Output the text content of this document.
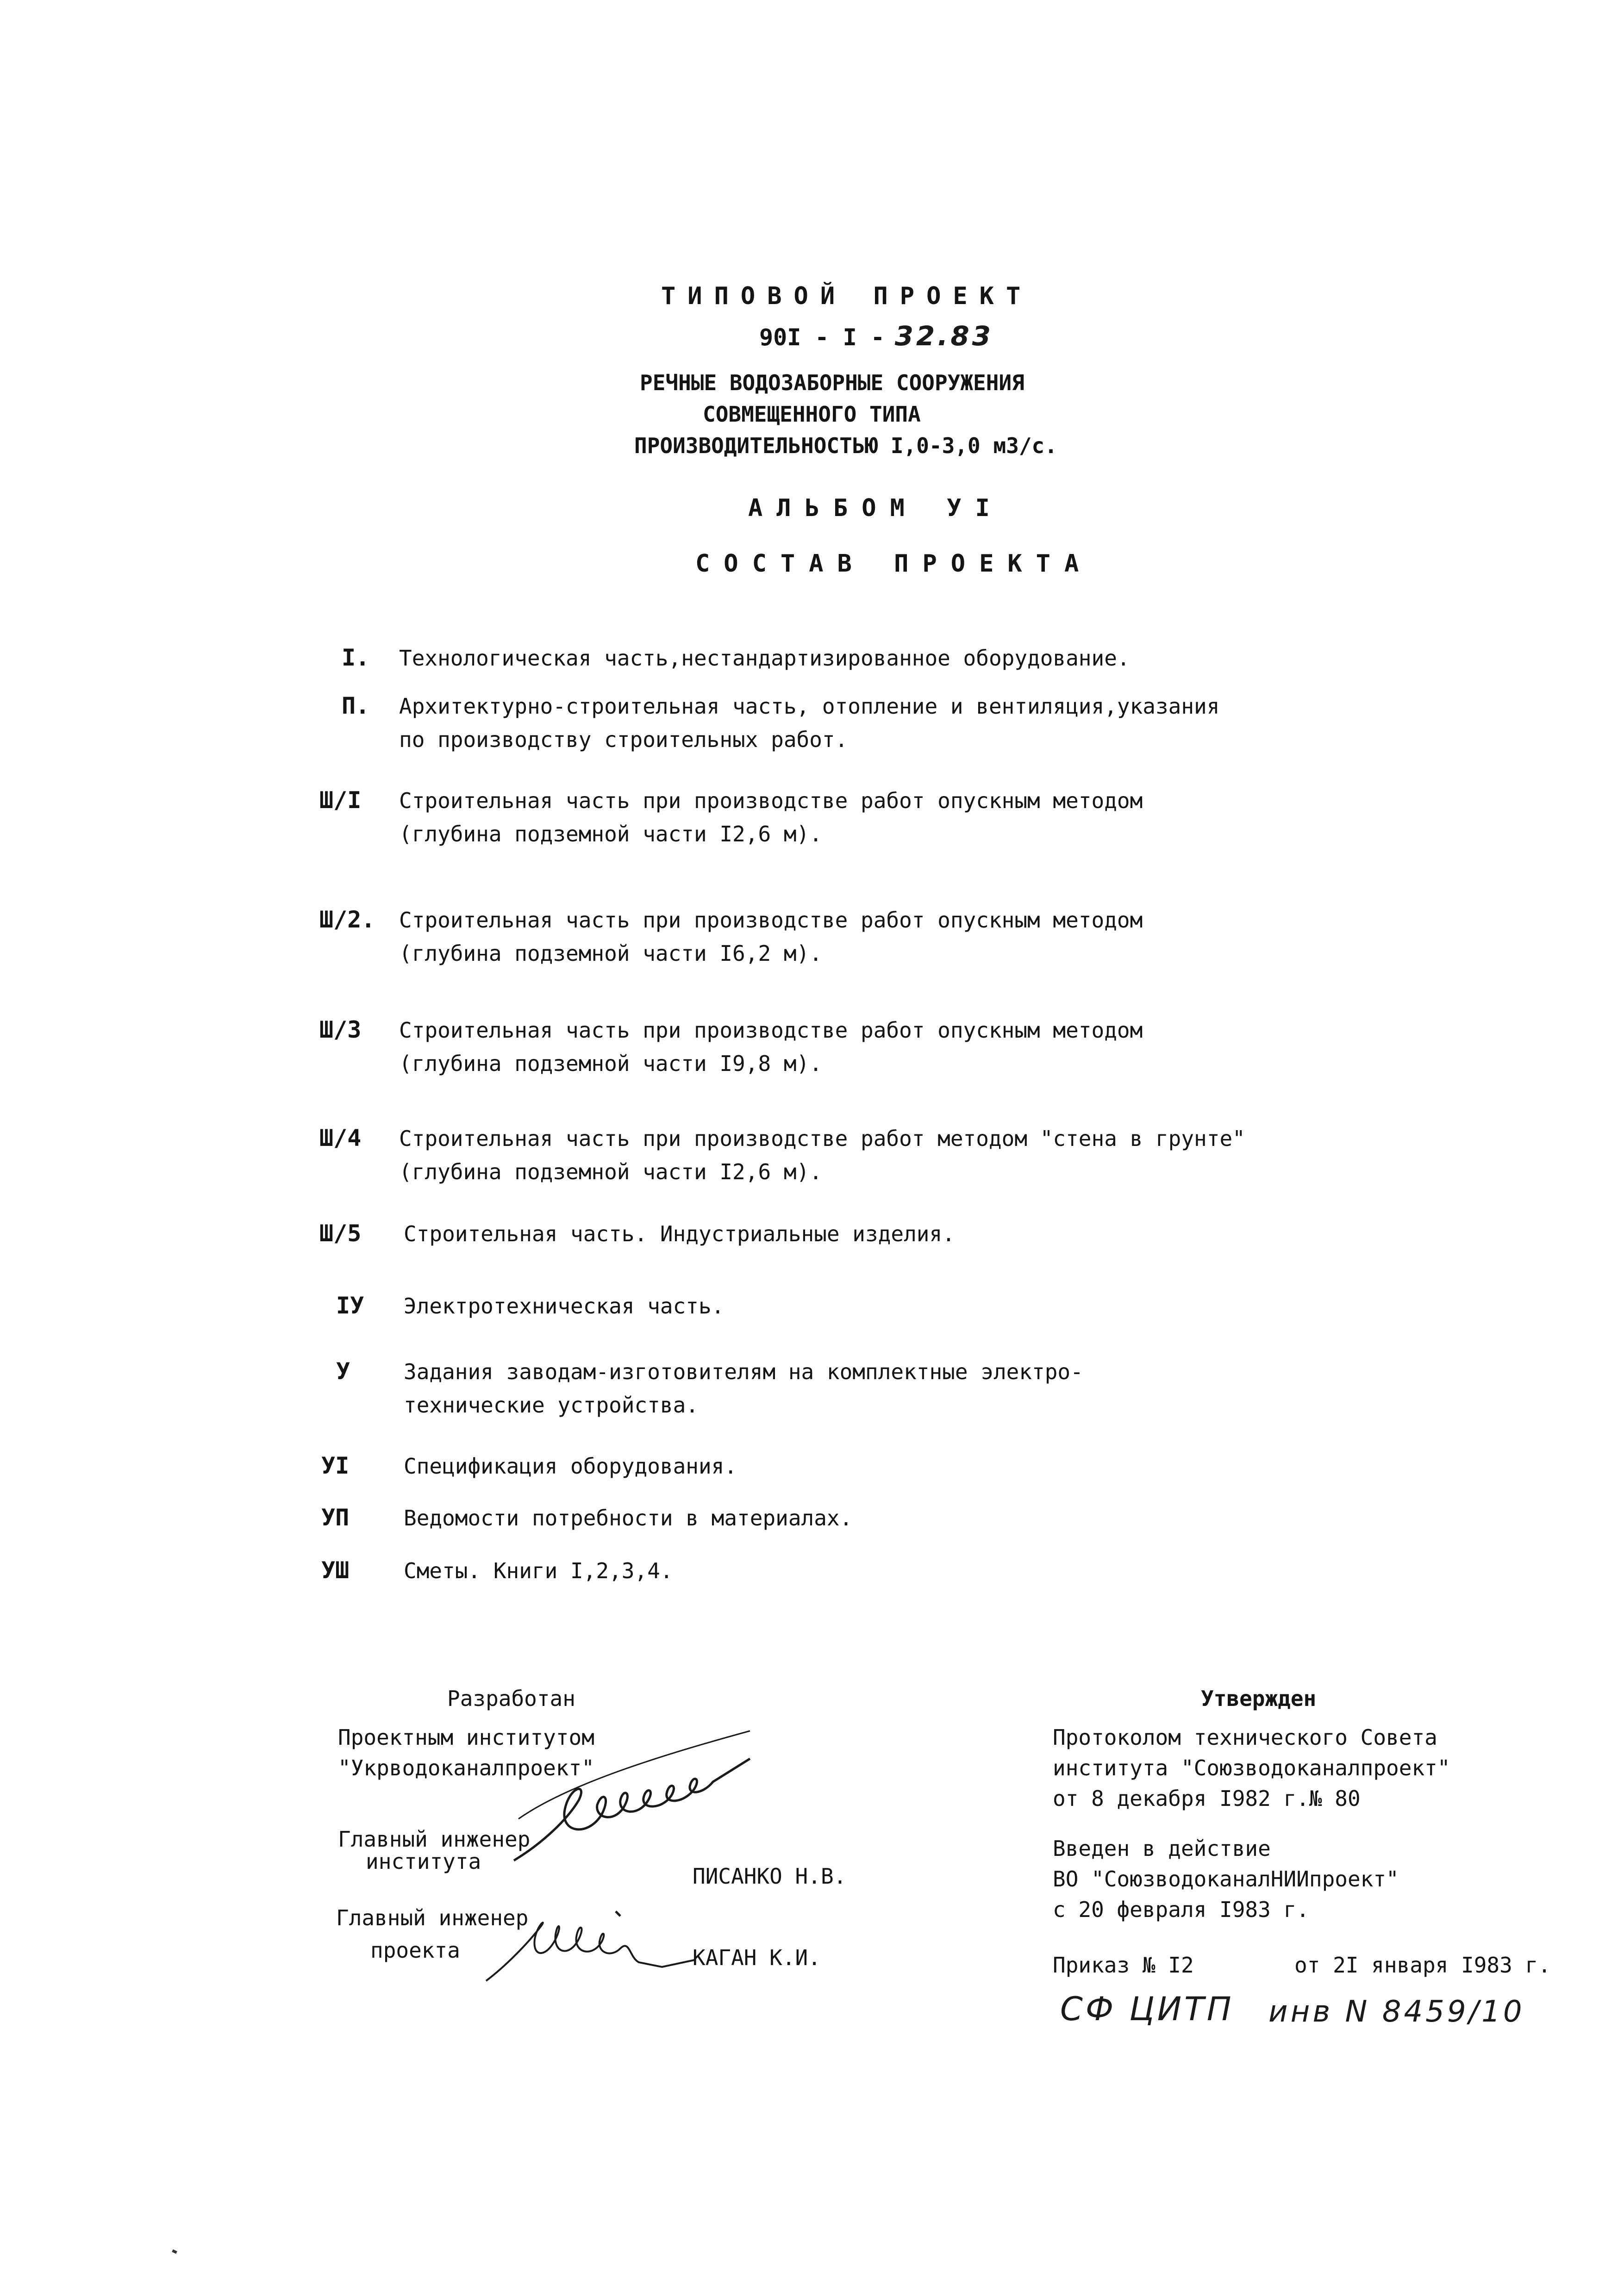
ТИПОВОЙ ПРОЕКТ
90I - I - 32.83
РЕЧНЫЕ ВОДОЗАБОРНЫЕ СООРУЖЕНИЯ
СОВМЕЩЕННОГО ТИПА
ПРОИЗВОДИТЕЛЬНОСТЬЮ I,0-3,0 м3/с.
АЛЬБОМ УI
СОСТАВ ПРОЕКТА
I. Технологическая часть,нестандартизированное оборудование.
П. Архитектурно-строительная часть, отопление и вентиляция,указания
по производству строительных работ.
Ш/I Строительная часть при производстве работ опускным методом
(глубина подземной части I2,6 м).
Ш/2. Строительная часть при производстве работ опускным методом
(глубина подземной части I6,2 м).
Ш/3 Строительная часть при производстве работ опускным методом
(глубина подземной части I9,8 м).
Ш/4 Строительная часть при производстве работ методом "стена в грунте"
(глубина подземной части I2,6 м).
Ш/5 Строительная часть. Индустриальные изделия.
IУ Электротехническая часть.
У	Задания заводам-изготовителям на комплектные электро-
технические устройства.
УI	Спецификация оборудования.
УП	Ведомости потребности в материалах.
УШ	Сметы. Книги I,2,3,4.
Разработан
Проектным институтом
"Укрводоканалпроект"
Главный инженер
института
ПИСАНКО Н.В.
Главный инженер
проекта	КАГАН К.И.
Утвержден
Протоколом технического Совета
института "Союзводоканалпроект"
от 8 декабря I982 г.№ 80
Введен в действие
ВО "СоюзводоканалНИИпроект"
с 20 февраля I983 г.
Приказ № I2	от 2I января I983 г.
СФ ЦИТП инв N 8459/10
